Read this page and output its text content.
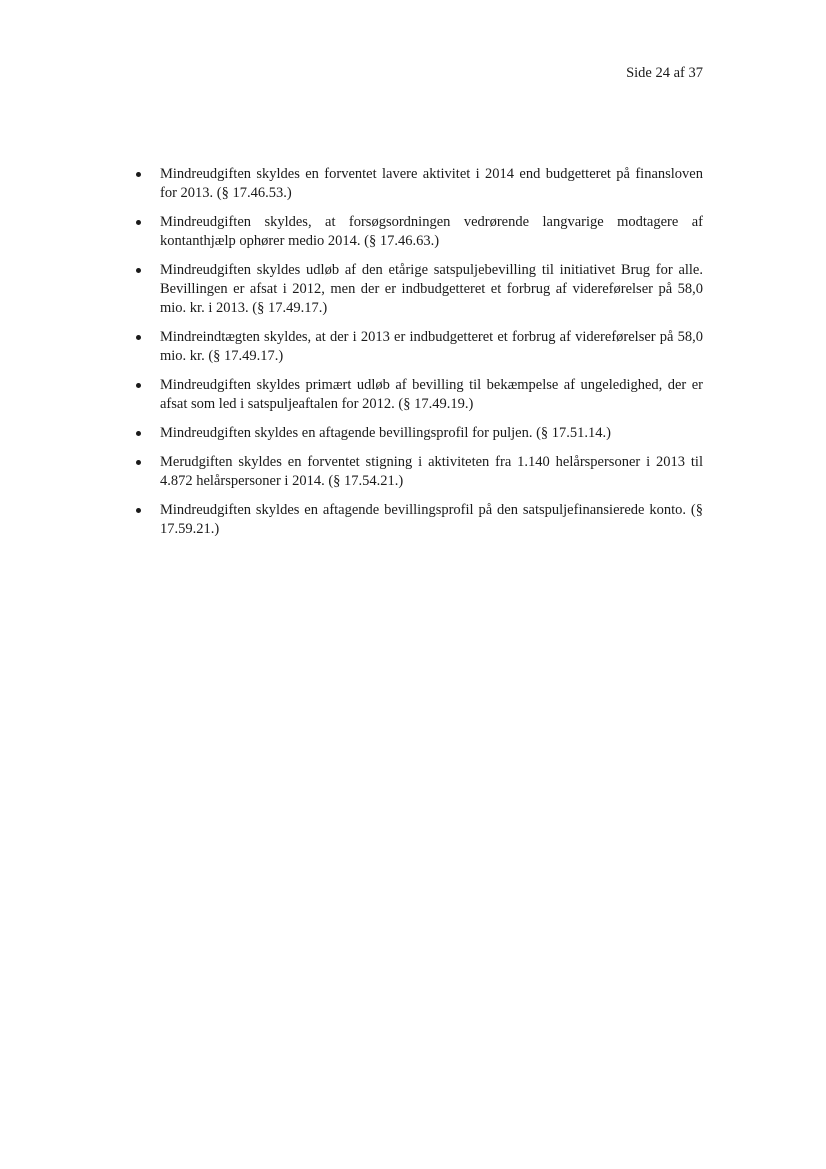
Side 24 af 37
Mindreudgiften skyldes en forventet lavere aktivitet i 2014 end budgetteret på finansloven for 2013. (§ 17.46.53.)
Mindreudgiften skyldes, at forsøgsordningen vedrørende langvarige modtagere af kontanthjælp ophører medio 2014. (§ 17.46.63.)
Mindreudgiften skyldes udløb af den etårige satspuljebevilling til initiativet Brug for alle. Bevillingen er afsat i 2012, men der er indbudgetteret et forbrug af videreførelser på 58,0 mio. kr. i 2013. (§ 17.49.17.)
Mindreindtægten skyldes, at der i 2013 er indbudgetteret et forbrug af videreførelser på 58,0 mio. kr. (§ 17.49.17.)
Mindreudgiften skyldes primært udløb af bevilling til bekæmpelse af ungeledighed, der er afsat som led i satspuljeaftalen for 2012. (§ 17.49.19.)
Mindreudgiften skyldes en aftagende bevillingsprofil for puljen. (§ 17.51.14.)
Merudgiften skyldes en forventet stigning i aktiviteten fra 1.140 helårspersoner i 2013 til 4.872 helårspersoner i 2014. (§ 17.54.21.)
Mindreudgiften skyldes en aftagende bevillingsprofil på den satspuljefinansierede konto. (§ 17.59.21.)
